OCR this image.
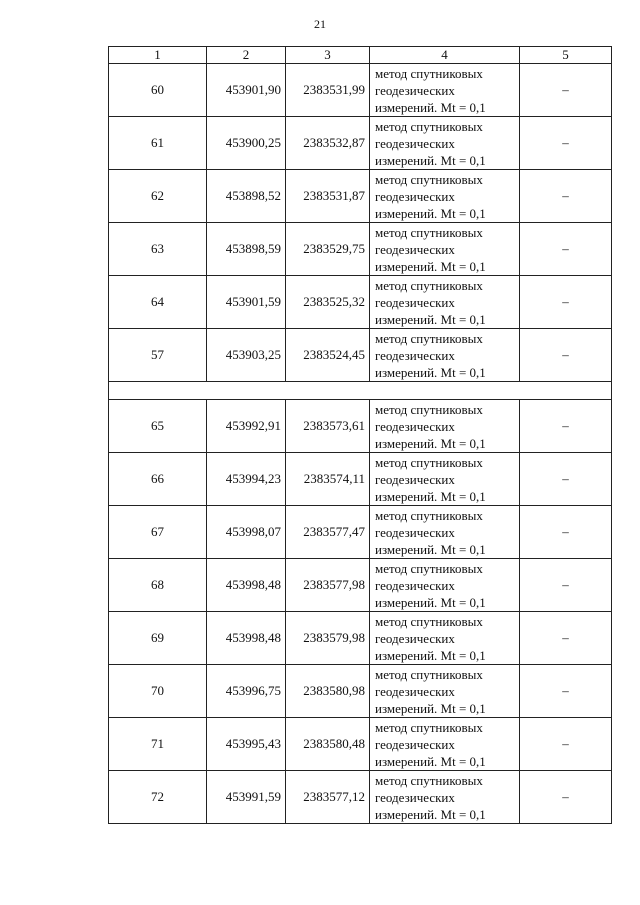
21
1	2	3	4	5
60	453901,90	2383531,99	метод спутниковых
геодезических
измерений. Mt = 0,1	–
61	453900,25	2383532,87	метод спутниковых
геодезических
измерений. Mt = 0,1	–
62	453898,52	2383531,87	метод спутниковых
геодезических
измерений. Mt = 0,1	–
63	453898,59	2383529,75	метод спутниковых
геодезических
измерений. Mt = 0,1	–
64	453901,59	2383525,32	метод спутниковых
геодезических
измерений. Mt = 0,1	–
57	453903,25	2383524,45	метод спутниковых
геодезических
измерений. Mt = 0,1	–

65	453992,91	2383573,61	метод спутниковых
геодезических
измерений. Mt = 0,1	–
66	453994,23	2383574,11	метод спутниковых
геодезических
измерений. Mt = 0,1	–
67	453998,07	2383577,47	метод спутниковых
геодезических
измерений. Mt = 0,1	–
68	453998,48	2383577,98	метод спутниковых
геодезических
измерений. Mt = 0,1	–
69	453998,48	2383579,98	метод спутниковых
геодезических
измерений. Mt = 0,1	–
70	453996,75	2383580,98	метод спутниковых
геодезических
измерений. Mt = 0,1	–
71	453995,43	2383580,48	метод спутниковых
геодезических
измерений. Mt = 0,1	–
72	453991,59	2383577,12	метод спутниковых
геодезических
измерений. Mt = 0,1	–
